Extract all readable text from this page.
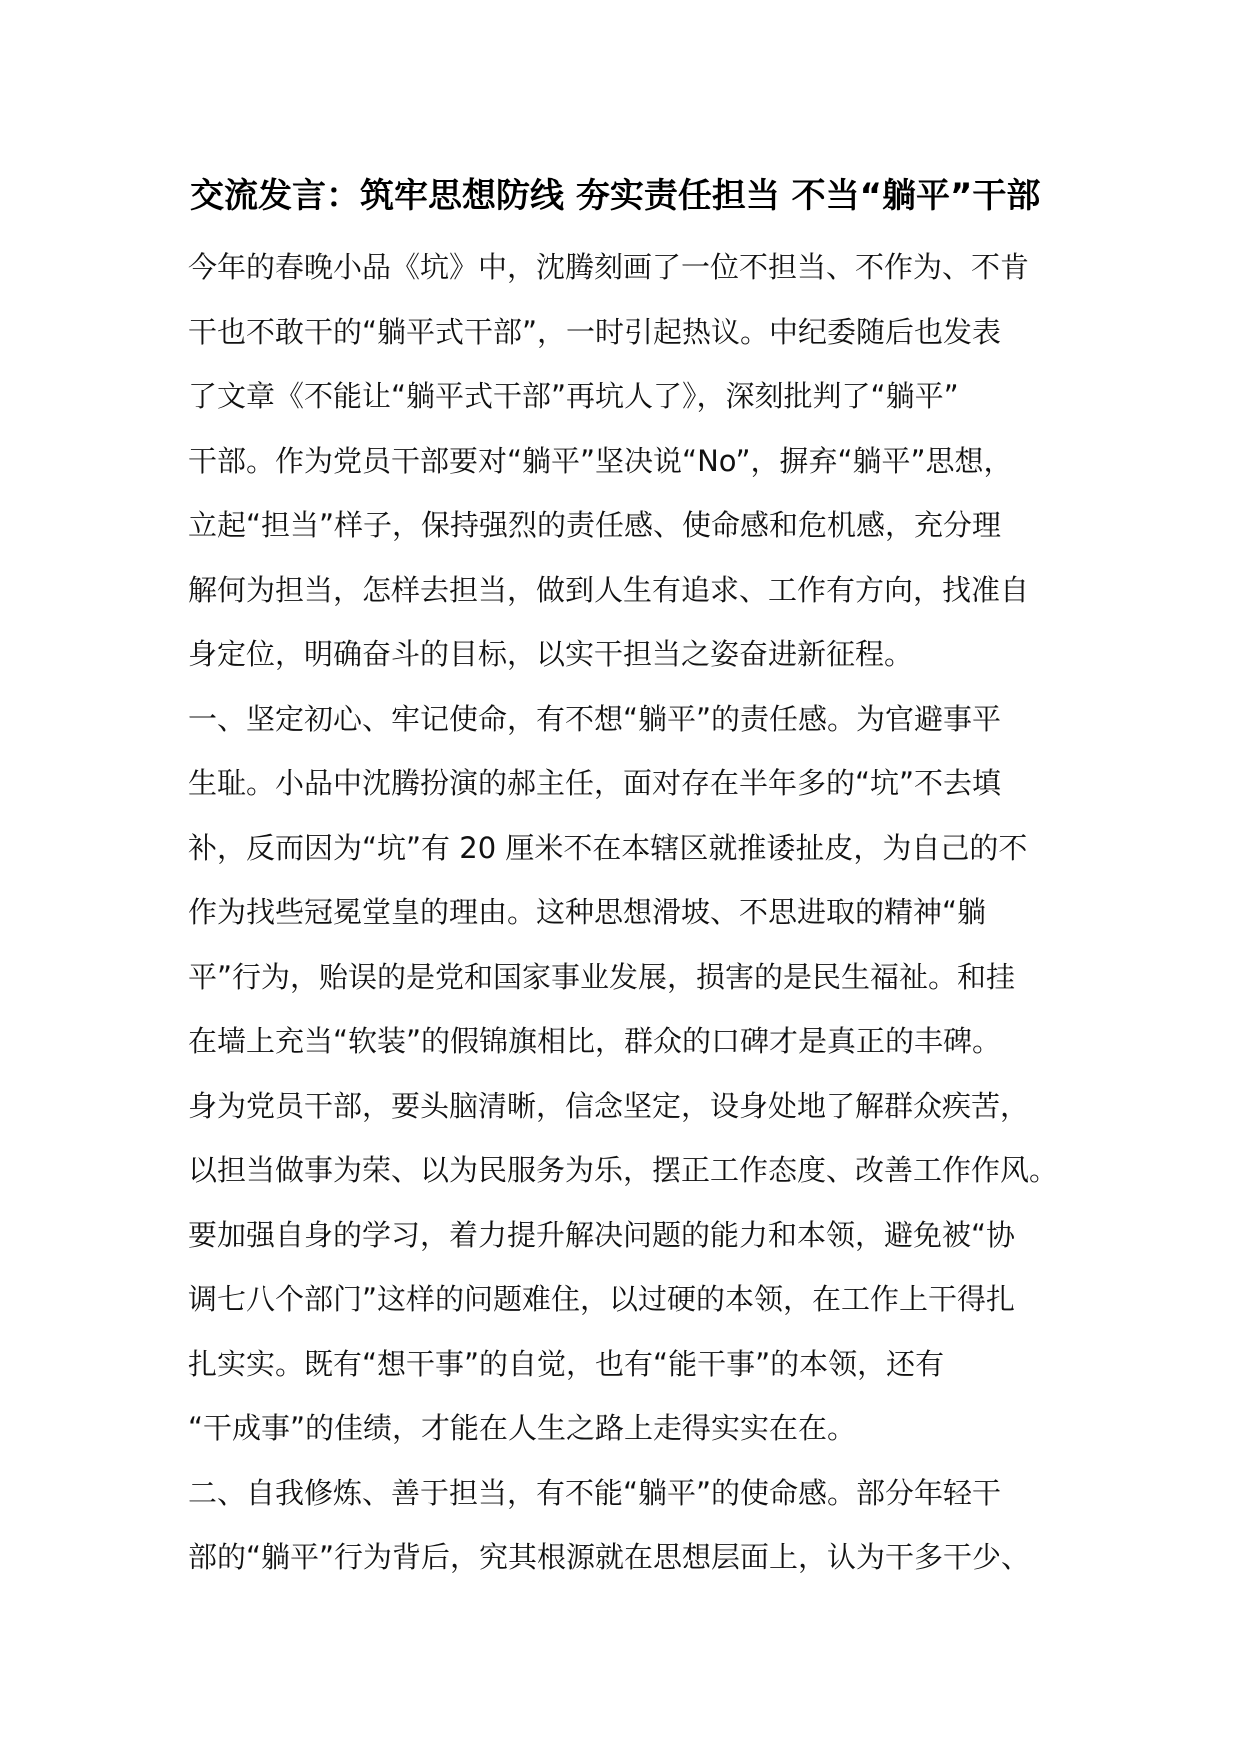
交流发言：筑牢思想防线 夯实责任担当 不当“躺平”干部
今年的春晚小品《坑》中，沈腾刻画了一位不担当、不作为、不肯
干也不敢干的“躺平式干部”，一时引起热议。中纪委随后也发表
了文章《不能让“躺平式干部”再坑人了》，深刻批判了“躺平”
干部。作为党员干部要对“躺平”坚决说“No”，摒弃“躺平”思想，
立起“担当”样子，保持强烈的责任感、使命感和危机感，充分理
解何为担当，怎样去担当，做到人生有追求、工作有方向，找准自
身定位，明确奋斗的目标，以实干担当之姿奋进新征程。
一、坚定初心、牢记使命，有不想“躺平”的责任感。为官避事平
生耻。小品中沈腾扮演的郝主任，面对存在半年多的“坑”不去填
补，反而因为“坑”有 20 厘米不在本辖区就推诿扯皮，为自己的不
作为找些冠冕堂皇的理由。这种思想滑坡、不思进取的精神“躺
平”行为，贻误的是党和国家事业发展，损害的是民生福祉。和挂
在墙上充当“软装”的假锦旗相比，群众的口碑才是真正的丰碑。
身为党员干部，要头脑清晰，信念坚定，设身处地了解群众疾苦，
以担当做事为荣、以为民服务为乐，摆正工作态度、改善工作作风。
要加强自身的学习，着力提升解决问题的能力和本领，避免被“协
调七八个部门”这样的问题难住，以过硬的本领，在工作上干得扎
扎实实。既有“想干事”的自觉，也有“能干事”的本领，还有
“干成事”的佳绩，才能在人生之路上走得实实在在。
二、自我修炼、善于担当，有不能“躺平”的使命感。部分年轻干
部的“躺平”行为背后，究其根源就在思想层面上，认为干多干少、
